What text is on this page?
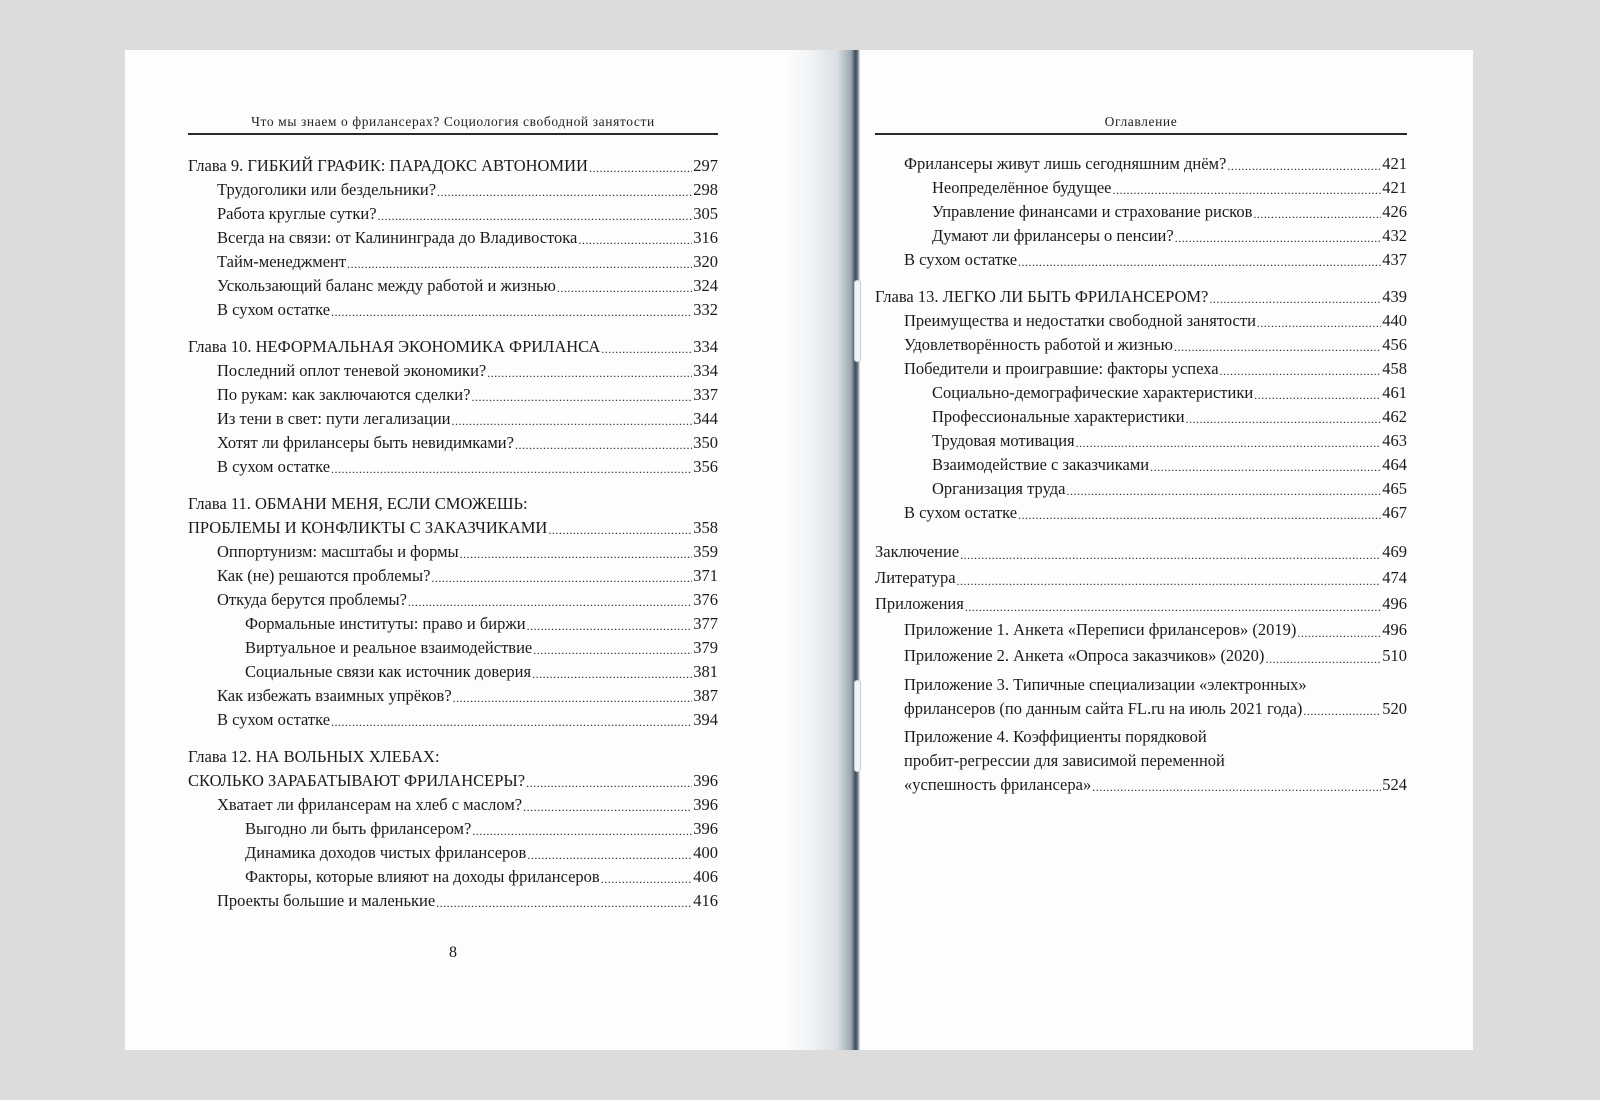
Что мы знаем о фрилансерах? Социология свободной занятости
Глава 9. ГИБКИЙ ГРАФИК: ПАРАДОКС АВТОНОМИИ .....	297
Трудоголики или бездельники? .....	298
Работа круглые сутки? .....	305
Всегда на связи: от Калининграда до Владивостока .....	316
Тайм-менеджмент .....	320
Ускользающий баланс между работой и жизнью .....	324
В сухом остатке .....	332
Глава 10. НЕФОРМАЛЬНАЯ ЭКОНОМИКА ФРИЛАНСА .....	334
Последний оплот теневой экономики? .....	334
По рукам: как заключаются сделки? .....	337
Из тени в свет: пути легализации .....	344
Хотят ли фрилансеры быть невидимками? .....	350
В сухом остатке .....	356
Глава 11. ОБМАНИ МЕНЯ, ЕСЛИ СМОЖЕШЬ:
ПРОБЛЕМЫ И КОНФЛИКТЫ С ЗАКАЗЧИКАМИ .....	358
Оппортунизм: масштабы и формы .....	359
Как (не) решаются проблемы? .....	371
Откуда берутся проблемы? .....	376
Формальные институты: право и биржи .....	377
Виртуальное и реальное взаимодействие .....	379
Социальные связи как источник доверия .....	381
Как избежать взаимных упрёков? .....	387
В сухом остатке .....	394
Глава 12. НА ВОЛЬНЫХ ХЛЕБАХ:
СКОЛЬКО ЗАРАБАТЫВАЮТ ФРИЛАНСЕРЫ? .....	396
Хватает ли фрилансерам на хлеб с маслом? .....	396
Выгодно ли быть фрилансером? .....	396
Динамика доходов чистых фрилансеров .....	400
Факторы, которые влияют на доходы фрилансеров .....	406
Проекты большие и маленькие .....	416
8
Оглавление
Фрилансеры живут лишь сегодняшним днём? .....	421
Неопределённое будущее .....	421
Управление финансами и страхование рисков .....	426
Думают ли фрилансеры о пенсии? .....	432
В сухом остатке .....	437
Глава 13. ЛЕГКО ЛИ БЫТЬ ФРИЛАНСЕРОМ? .....	439
Преимущества и недостатки свободной занятости .....	440
Удовлетворённость работой и жизнью .....	456
Победители и проигравшие: факторы успеха .....	458
Социально-демографические характеристики .....	461
Профессиональные характеристики .....	462
Трудовая мотивация .....	463
Взаимодействие с заказчиками .....	464
Организация труда .....	465
В сухом остатке .....	467
Заключение .....	469
Литература .....	474
Приложения .....	496
Приложение 1. Анкета «Переписи фрилансеров» (2019) .....	496
Приложение 2. Анкета «Опроса заказчиков» (2020) .....	510
Приложение 3. Типичные специализации «электронных»
фрилансеров (по данным сайта FL.ru на июль 2021 года) .....	520
Приложение 4. Коэффициенты порядковой
пробит-регрессии для зависимой переменной
«успешность фрилансера» .....	524
